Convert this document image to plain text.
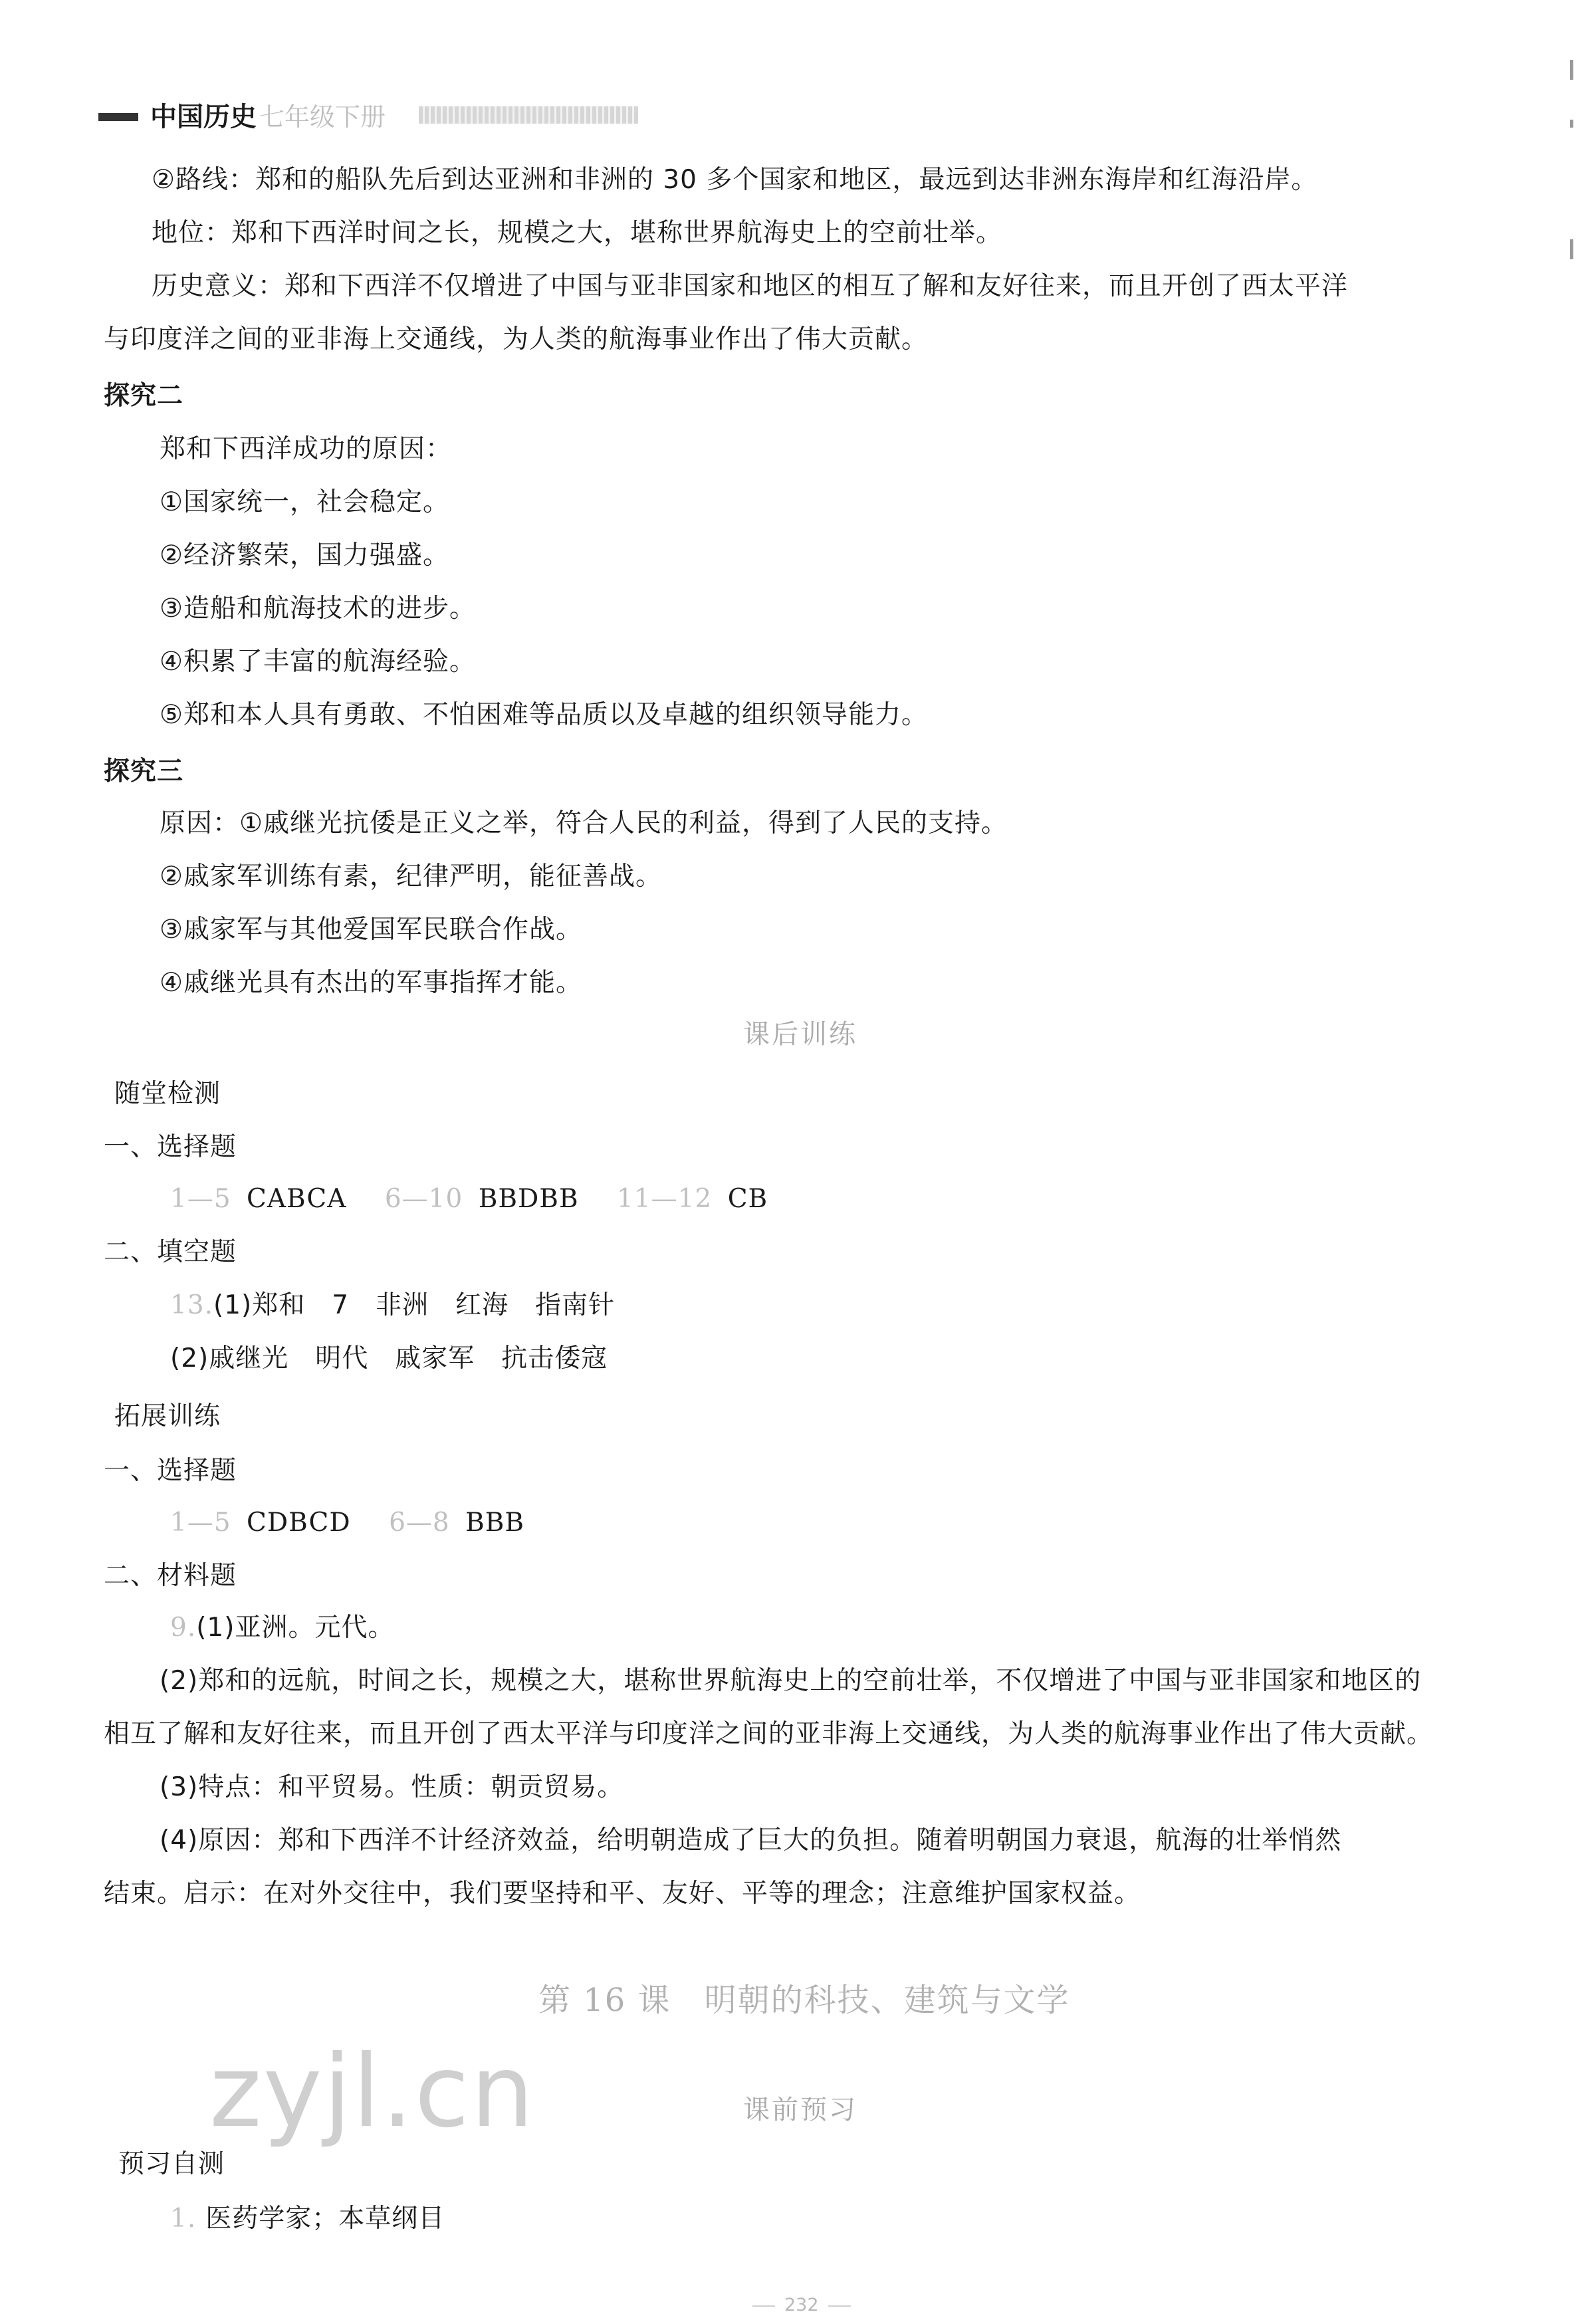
中国历史 七年级下册
②路线：郑和的船队先后到达亚洲和非洲的 30 多个国家和地区，最远到达非洲东海岸和红海沿岸。
地位：郑和下西洋时间之长，规模之大，堪称世界航海史上的空前壮举。
历史意义：郑和下西洋不仅增进了中国与亚非国家和地区的相互了解和友好往来，而且开创了西太平洋
与印度洋之间的亚非海上交通线，为人类的航海事业作出了伟大贡献。
探究二
郑和下西洋成功的原因：
①国家统一，社会稳定。
②经济繁荣，国力强盛。
③造船和航海技术的进步。
④积累了丰富的航海经验。
⑤郑和本人具有勇敢、不怕困难等品质以及卓越的组织领导能力。
探究三
原因：①戚继光抗倭是正义之举，符合人民的利益，得到了人民的支持。
②戚家军训练有素，纪律严明，能征善战。
③戚家军与其他爱国军民联合作战。
④戚继光具有杰出的军事指挥才能。
课后训练
随堂检测
一、选择题
1—5 CABCA 6—10 BBDBB 11—12 CB
二、填空题
13.(1)郑和　7　非洲　红海　指南针
(2)戚继光　明代　戚家军　抗击倭寇
拓展训练
一、选择题
1—5 CDBCD 6—8 BBB
二、材料题
9.(1)亚洲。元代。
(2)郑和的远航，时间之长，规模之大，堪称世界航海史上的空前壮举，不仅增进了中国与亚非国家和地区的
相互了解和友好往来，而且开创了西太平洋与印度洋之间的亚非海上交通线，为人类的航海事业作出了伟大贡献。
(3)特点：和平贸易。性质：朝贡贸易。
(4)原因：郑和下西洋不计经济效益，给明朝造成了巨大的负担。随着明朝国力衰退，航海的壮举悄然
结束。启示：在对外交往中，我们要坚持和平、友好、平等的理念；注意维护国家权益。
第 16 课　明朝的科技、建筑与文学
zyjl.cn	课前预习
预习自测
1. 医药学家；本草纲目
232
